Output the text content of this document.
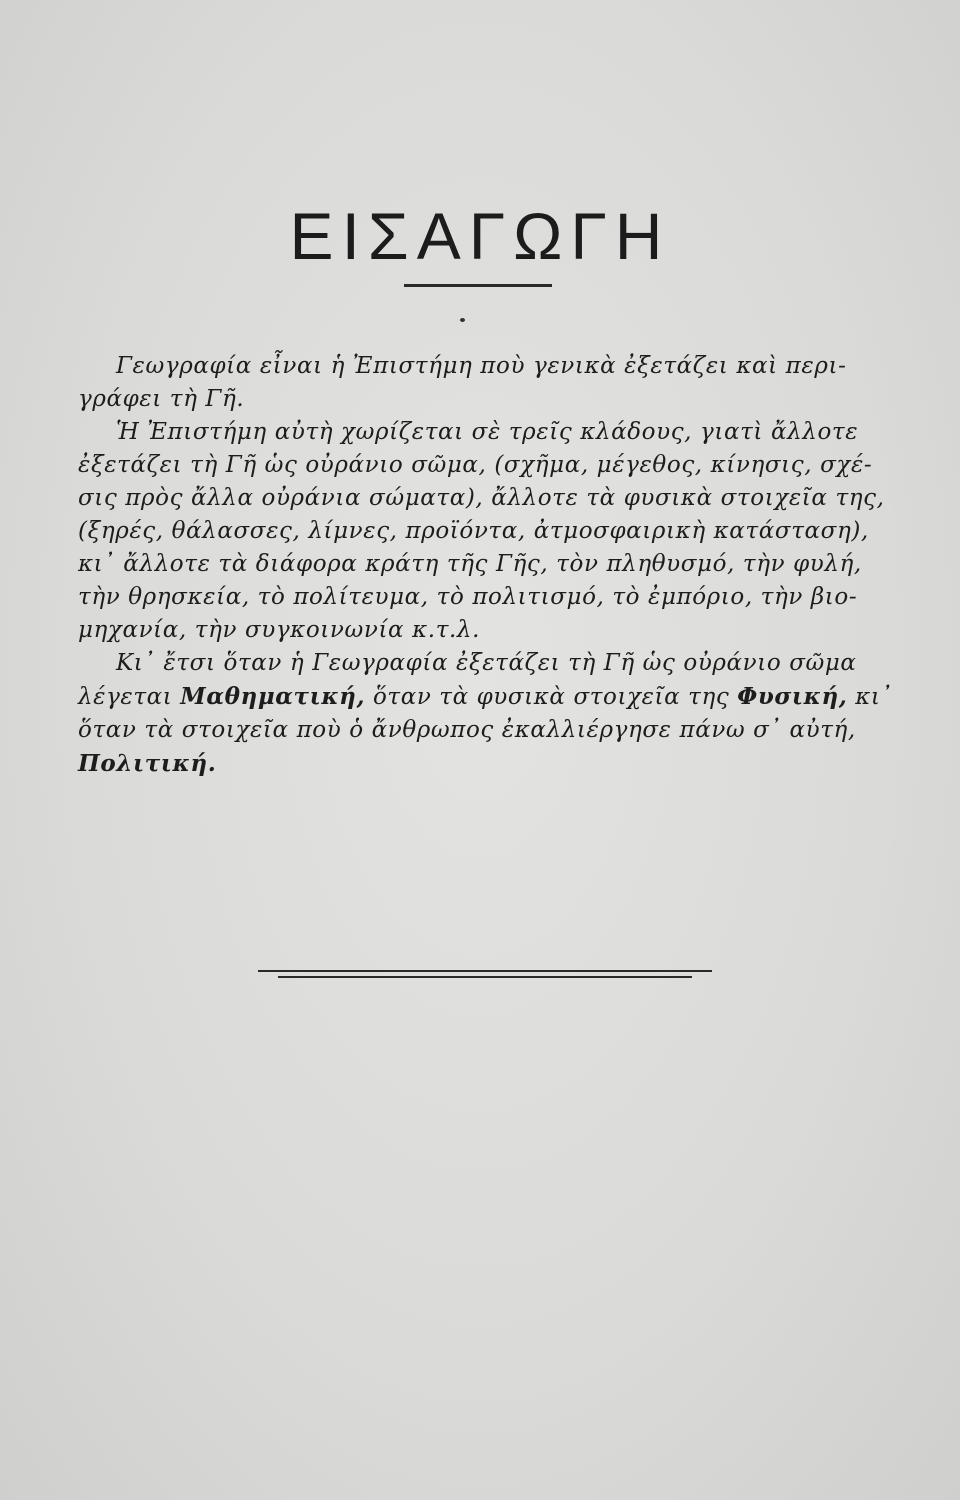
ΕΙΣΑΓΩΓΗ
Γεωγραφία εἶναι ἡ Ἐπιστήμη ποὺ γενικὰ ἐξετάζει καὶ περι-
γράφει τὴ Γῆ.
Ἡ Ἐπιστήμη αὐτὴ χωρίζεται σὲ τρεῖς κλάδους, γιατὶ ἄλλοτε
ἐξετάζει τὴ Γῆ ὡς οὐράνιο σῶμα, (σχῆμα, μέγεθος, κίνησις, σχέ-
σις πρὸς ἄλλα οὐράνια σώματα), ἄλλοτε τὰ φυσικὰ στοιχεῖα της,
(ξηρές, θάλασσες, λίμνες, προϊόντα, ἀτμοσφαιρικὴ κατάσταση),
κι᾽ ἄλλοτε τὰ διάφορα κράτη τῆς Γῆς, τὸν πληθυσμό, τὴν φυλή,
τὴν θρησκεία, τὸ πολίτευμα, τὸ πολιτισμό, τὸ ἐμπόριο, τὴν βιο-
μηχανία, τὴν συγκοινωνία κ.τ.λ.
Κι᾽ ἔτσι ὅταν ἡ Γεωγραφία ἐξετάζει τὴ Γῆ ὡς οὐράνιο σῶμα
λέγεται Μαθηματική, ὅταν τὰ φυσικὰ στοιχεῖα της Φυσική, κι᾽
ὅταν τὰ στοιχεῖα ποὺ ὁ ἄνθρωπος ἐκαλλιέργησε πάνω σ᾽ αὐτή,
Πολιτική.
